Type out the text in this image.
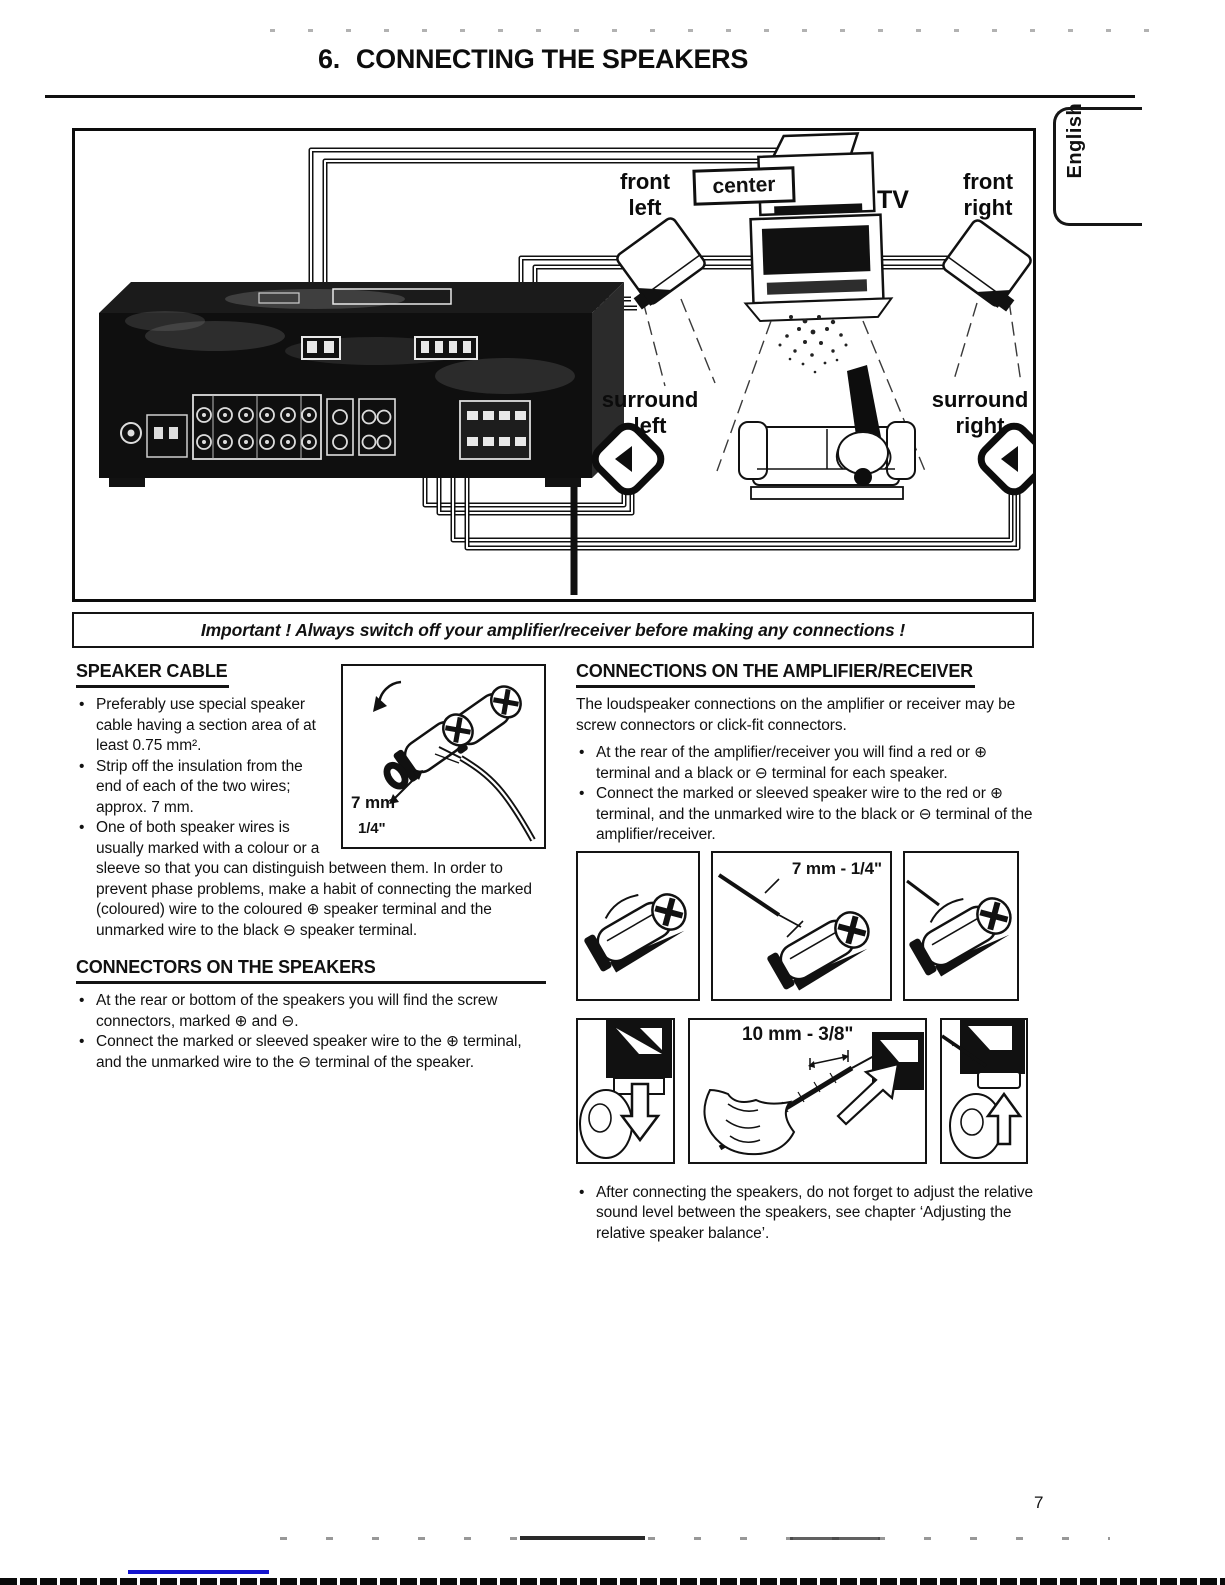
6. CONNECTING THE SPEAKERS
English
front
left
center
TV
front
right
surround
left
surround
right
Important ! Always switch off your amplifier/receiver before making any connections !
7 mm
1/4"
SPEAKER CABLE
• Preferably use special speaker cable having a section area of at least 0.75 mm².
• Strip off the insulation from the end of each of the two wires; approx. 7 mm.
• One of both speaker wires is usually marked with a colour or a sleeve so that you can distinguish between them. In order to prevent phase problems, make a habit of connecting the marked (coloured) wire to the coloured ⊕ speaker terminal and the unmarked wire to the black ⊖ speaker terminal.
CONNECTORS ON THE SPEAKERS
• At the rear or bottom of the speakers you will find the screw connectors, marked ⊕ and ⊖.
• Connect the marked or sleeved speaker wire to the ⊕ terminal, and the unmarked wire to the ⊖ terminal of the speaker.
CONNECTIONS ON THE AMPLIFIER/RECEIVER

The loudspeaker connections on the amplifier or receiver may be screw connectors or click-fit connectors.

• At the rear of the amplifier/receiver you will find a red or ⊕ terminal and a black or ⊖ terminal for each speaker.
• Connect the marked or sleeved speaker wire to the red or ⊕ terminal, and the unmarked wire to the black or ⊖ terminal of the amplifier/receiver.
7 mm - 1/4"
10 mm - 3/8"
• After connecting the speakers, do not forget to adjust the relative sound level between the speakers, see chapter ‘Adjusting the relative speaker balance’.
7
